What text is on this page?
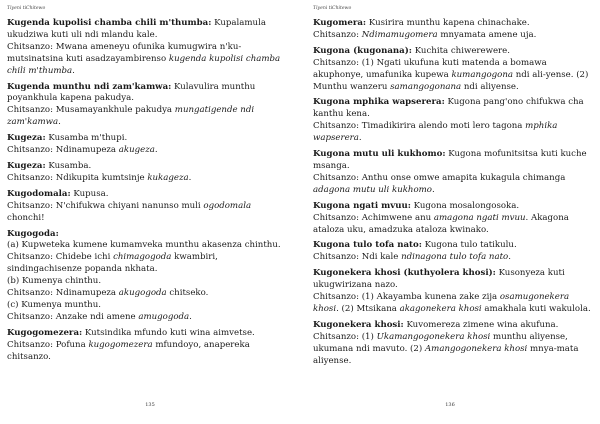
Tiyeni tiChitewo

Kugenda kupolisi chamba chili m'thumba: Kupalamula ukudziwa kuti uli ndi mlandu kale.

Chitsanzo: Mwana ameneyu ofunika kumugwira n'ku-mutsinatsina kuti asadzayambirenso kugenda kupolisi chamba chili m'thumba.

Kugenda munthu ndi zam'kamwa: Kulavulira munthu poyankhula kapena pakudya.

Chitsanzo: Musamayankhule pakudya mungatigende ndi zam'kamwa.

Kugeza: Kusamba m'thupi.

Chitsanzo: Ndinamupeza akugeza.

Kugeza: Kusamba.

Chitsanzo: Ndikupita kumtsinje kukageza.

Kugodomala: Kupusa.

Chitsanzo: N'chifukwa chiyani nanunso muli ogodomala chonchi!

Kugogoda:

(a) Kupweteka kumene kumamveka munthu akasenza chinthu.

Chitsanzo: Chidebe ichi chimagogoda kwambiri, sindingachisenze popanda nkhata.

(b) Kumenya chinthu.

Chitsanzo: Ndinamupeza akugogoda chitseko.

(c) Kumenya munthu.

Chitsanzo: Anzake ndi amene amugogoda.

Kugogomezera: Kutsindika mfundo kuti wina aimvetse.

Chitsanzo: Pofuna kugogomezera mfundoyo, anapereka chitsanzo.

135
Tiyeni tiChitewo

Kugomera: Kusirira munthu kapena chinachake.

Chitsanzo: Ndimamugomera mnyamata amene uja.

Kugona (kugonana): Kuchita chiwerewere.

Chitsanzo: (1) Ngati ukufuna kuti matenda a bomawa akuphonye, umafunika kupewa kumangogona ndi ali-yense. (2) Munthu wanzeru samangogonana ndi aliyense.

Kugona mphika wapserera: Kugona pang'ono chifukwa cha kanthu kena.

Chitsanzo: Timadikirira alendo moti lero tagona mphika wapserera.

Kugona mutu uli kukhomo: Kugona mofunitsitsa kuti kuche msanga.

Chitsanzo: Anthu onse omwe amapita kukagula chimanga adagona mutu uli kukhomo.

Kugona ngati mvuu: Kugona mosalongosoka.

Chitsanzo: Achimwene anu amagona ngati mvuu. Akagona ataloza uku, amadzuka ataloza kwinako.

Kugona tulo tofa nato: Kugona tulo tatikulu.

Chitsanzo: Ndi kale ndinagona tulo tofa nato.

Kugonekera khosi (kuthyolera khosi): Kusonyeza kuti ukugwirizana nazo.

Chitsanzo: (1) Akayamba kunena zake zija osamugonekera khosi. (2) Mtsikana akagonekera khosi amakhala kuti wakulola.

Kugonekera khosi: Kuvomereza zimene wina akufuna.

Chitsanzo: (1) Ukamangogonekera khosi munthu aliyense, ukumana ndi mavuto. (2) Amangogonekera khosi mnya-mata aliyense.

136
